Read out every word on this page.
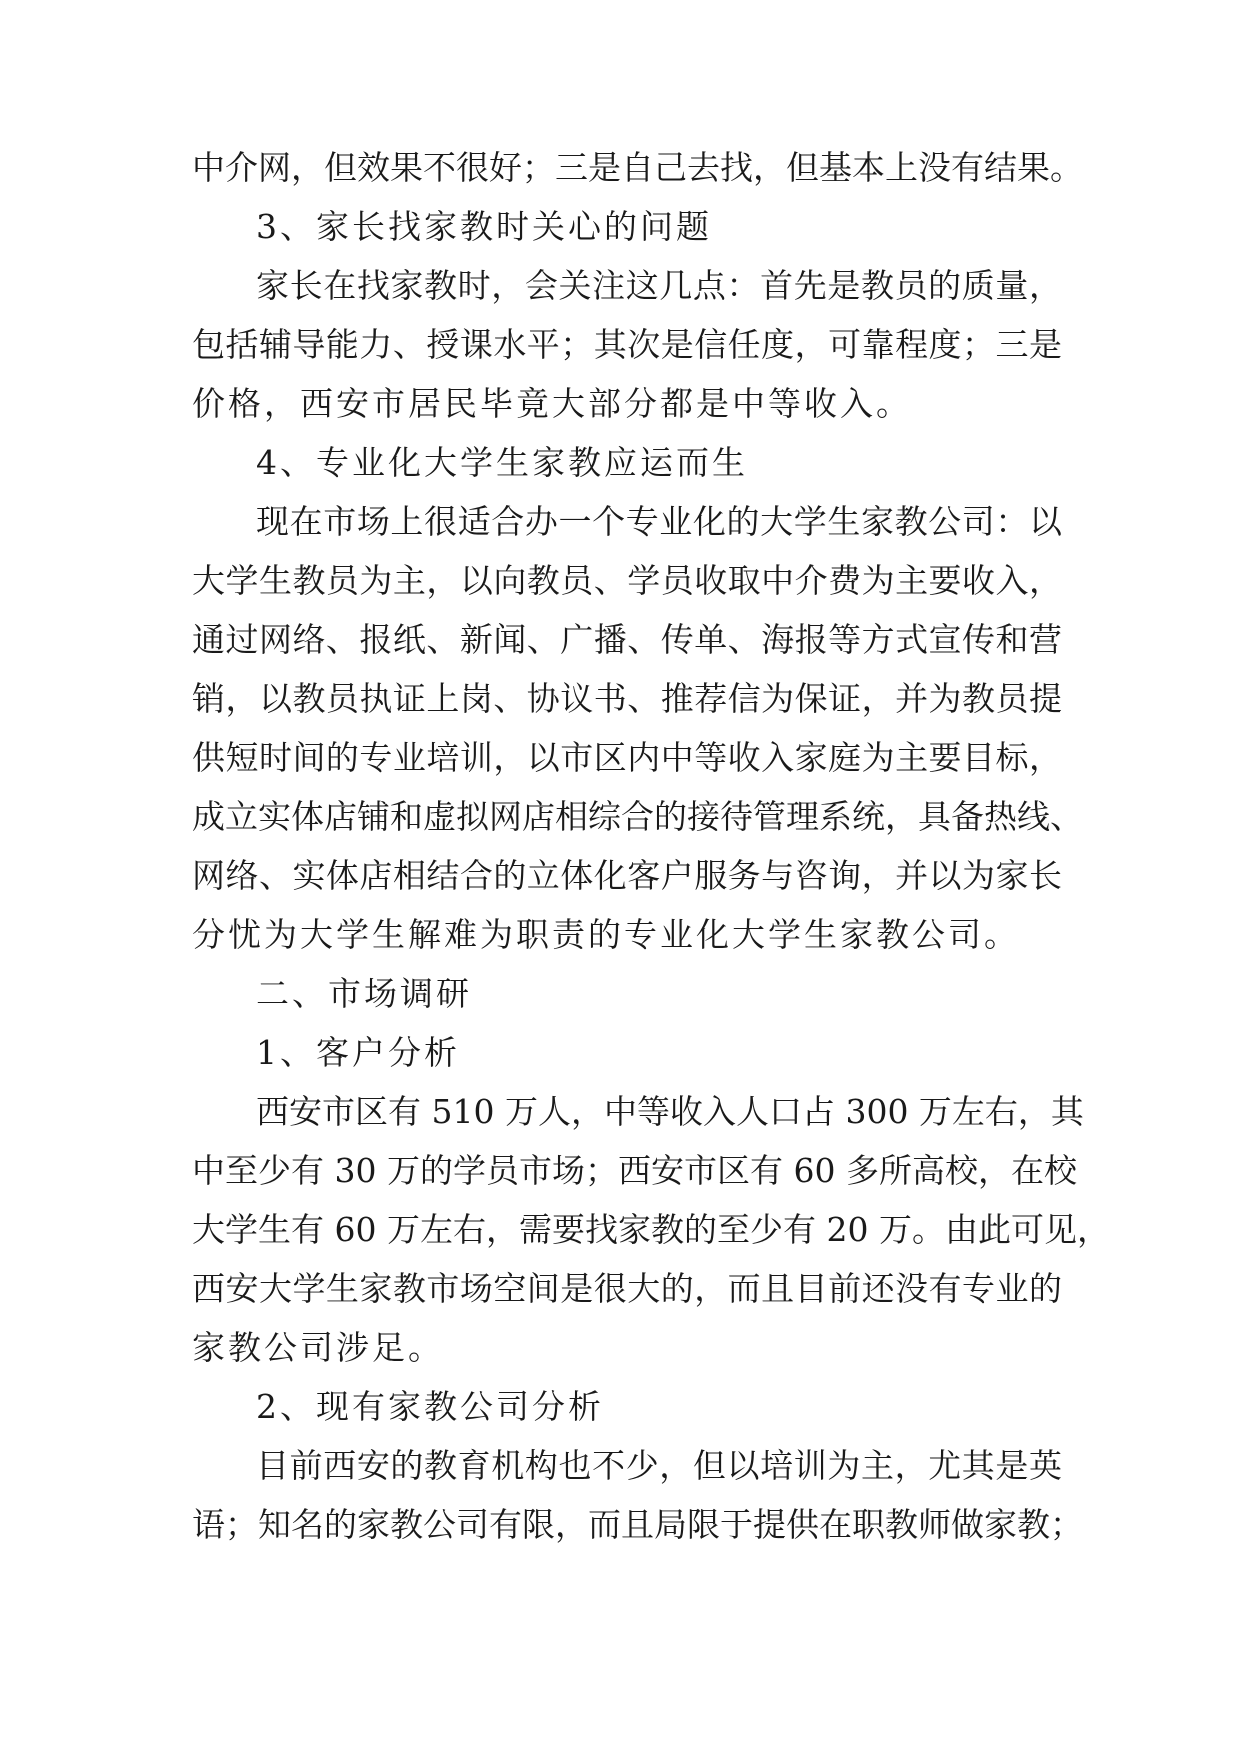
中介网，但效果不很好；三是自己去找，但基本上没有结果。
3、家长找家教时关心的问题
家长在找家教时，会关注这几点：首先是教员的质量，
包括辅导能力、授课水平；其次是信任度，可靠程度；三是
价格，西安市居民毕竟大部分都是中等收入。
4、专业化大学生家教应运而生
现在市场上很适合办一个专业化的大学生家教公司：以
大学生教员为主，以向教员、学员收取中介费为主要收入，
通过网络、报纸、新闻、广播、传单、海报等方式宣传和营
销，以教员执证上岗、协议书、推荐信为保证，并为教员提
供短时间的专业培训，以市区内中等收入家庭为主要目标，
成立实体店铺和虚拟网店相综合的接待管理系统，具备热线、
网络、实体店相结合的立体化客户服务与咨询，并以为家长
分忧为大学生解难为职责的专业化大学生家教公司。
二、市场调研
1、客户分析
西安市区有 510 万人，中等收入人口占 300 万左右，其
中至少有 30 万的学员市场；西安市区有 60 多所高校，在校
大学生有 60 万左右，需要找家教的至少有 20 万。由此可见，
西安大学生家教市场空间是很大的，而且目前还没有专业的
家教公司涉足。
2、现有家教公司分析
目前西安的教育机构也不少，但以培训为主，尤其是英
语；知名的家教公司有限，而且局限于提供在职教师做家教；
